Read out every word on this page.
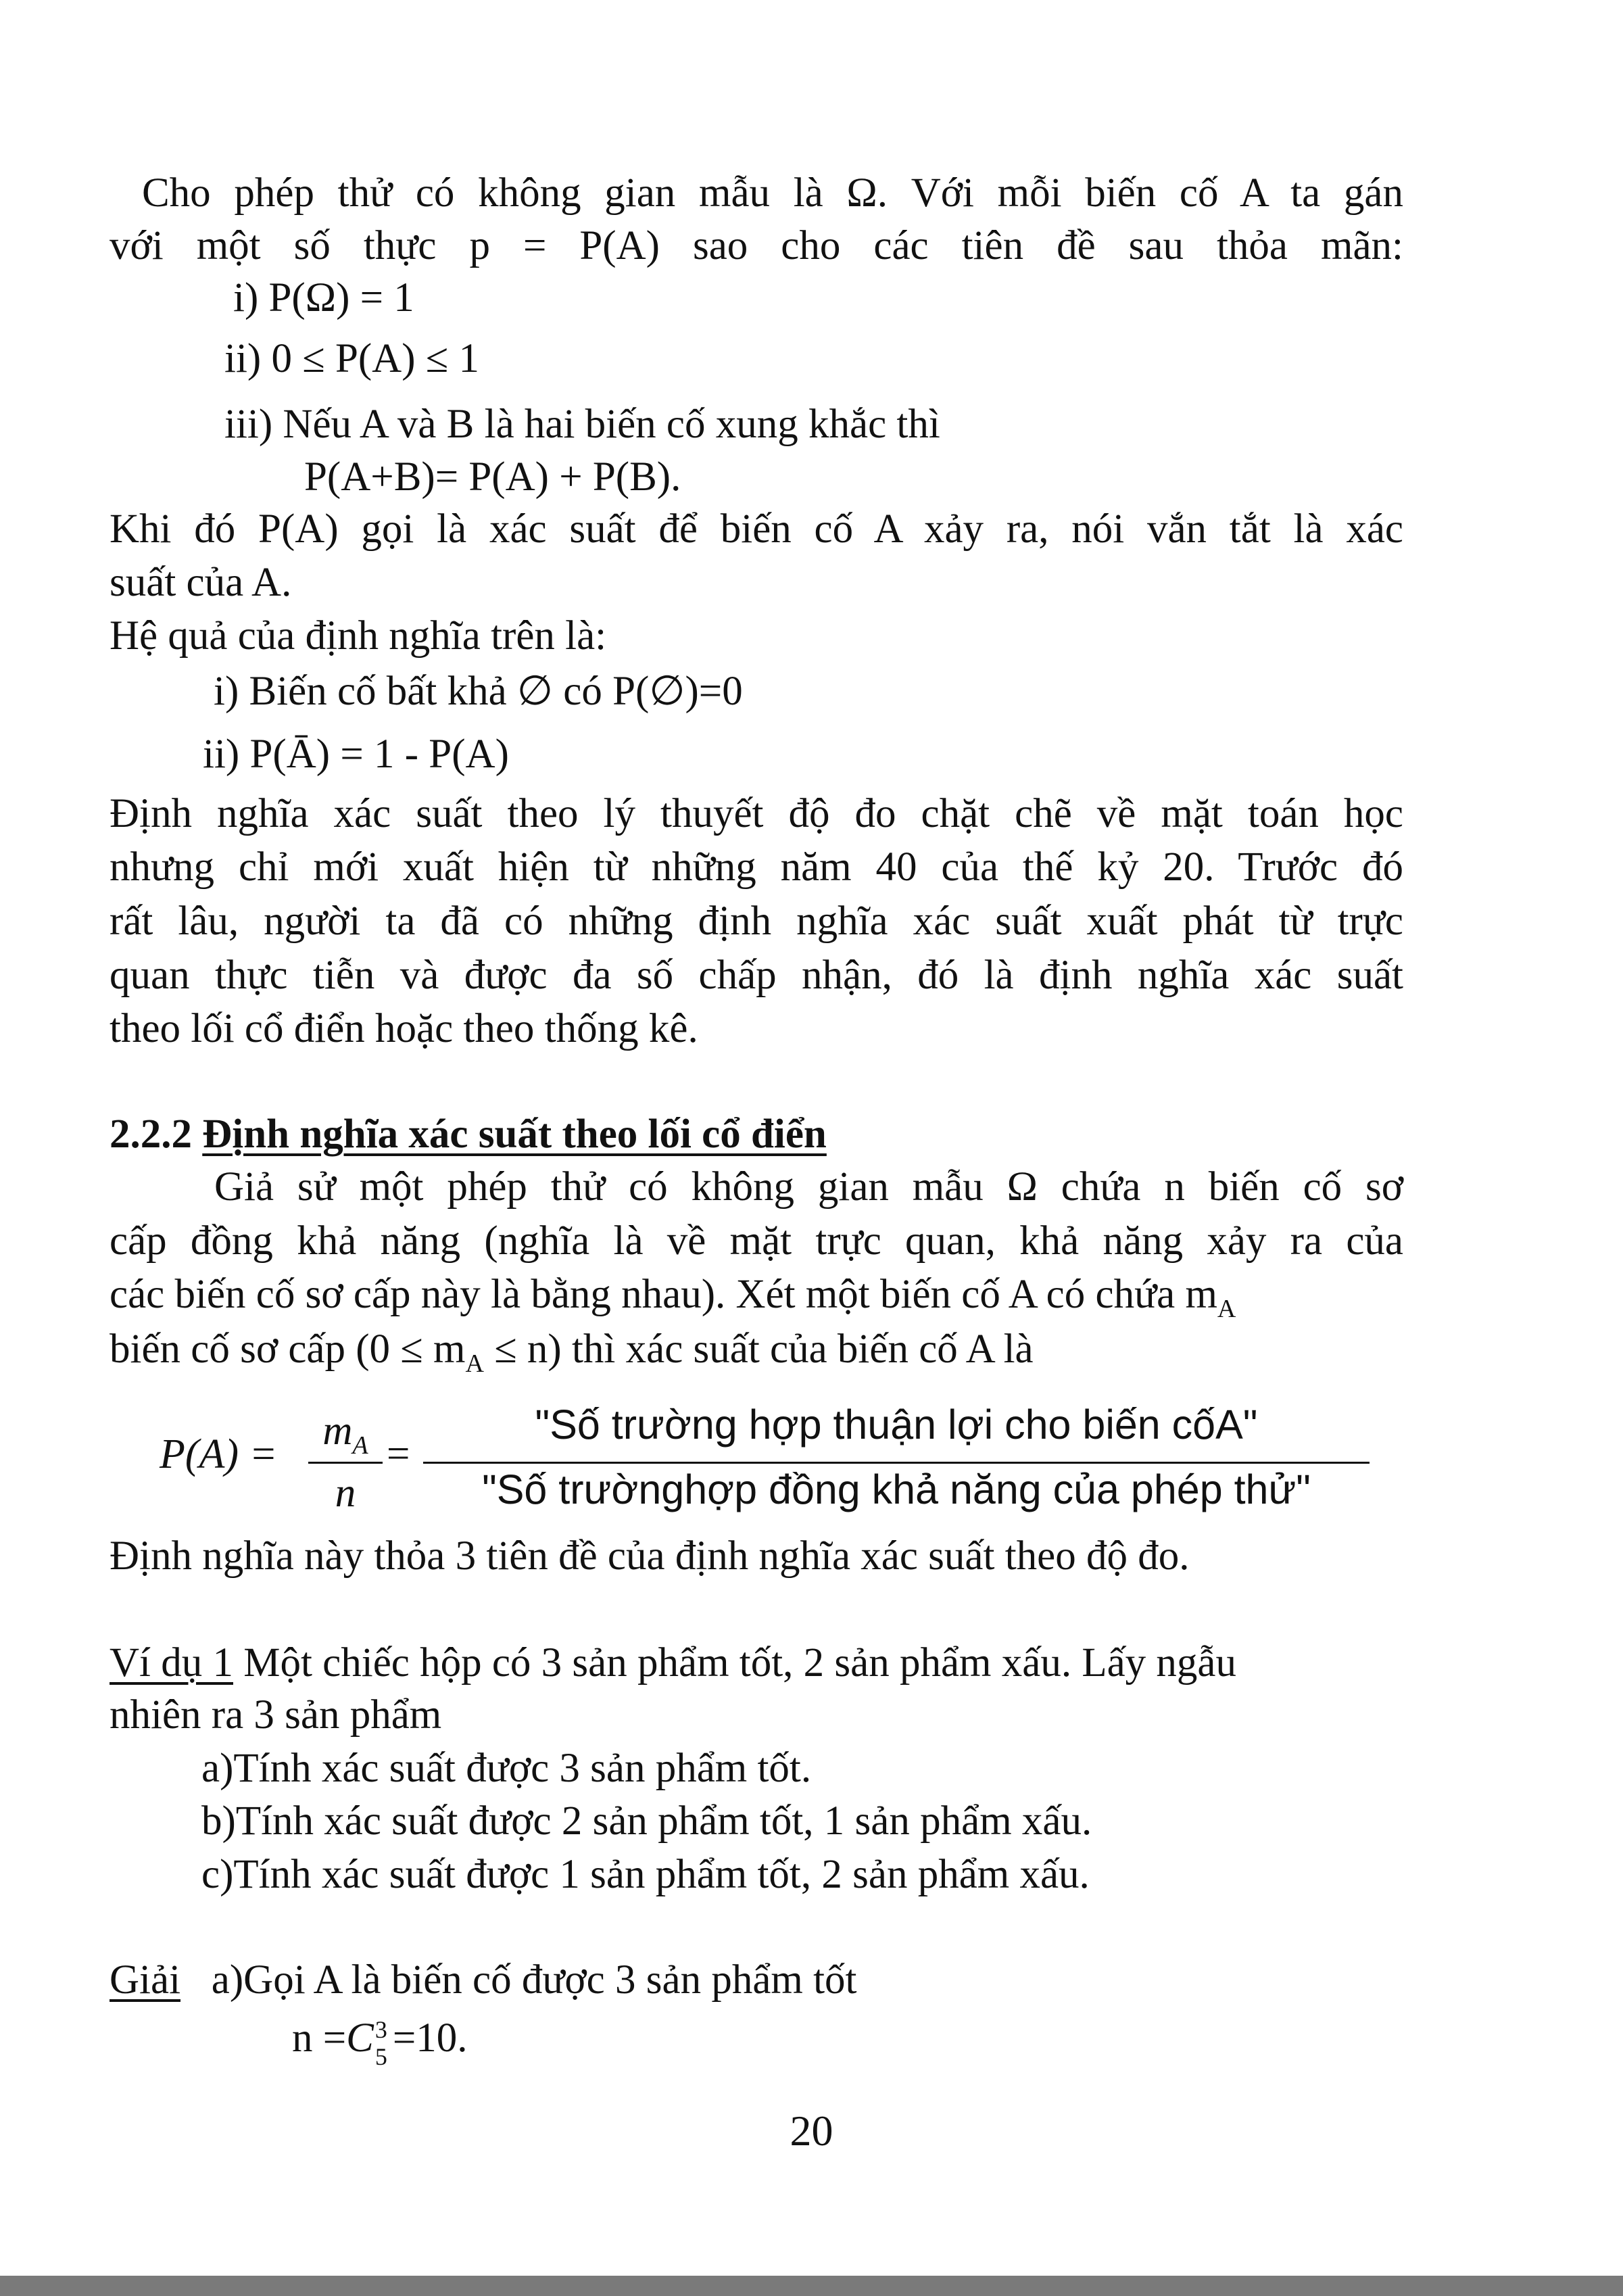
Cho phép thử có không gian mẫu là Ω. Với mỗi biến cố A ta gán
với một số thực p = P(A) sao cho các tiên đề sau thỏa mãn:
i) P(Ω) = 1
ii) 0 ≤ P(A) ≤ 1
iii) Nếu A và B là hai biến cố xung khắc thì
P(A+B)= P(A) + P(B).
Khi đó P(A) gọi là xác suất để biến cố A xảy ra, nói vắn tắt là xác
suất của A.
Hệ quả của định nghĩa trên là:
i) Biến cố bất khả ∅ có P(∅)=0
ii) P(Ā) = 1 - P(A)
Định nghĩa xác suất theo lý thuyết độ đo chặt chẽ về mặt toán học
nhưng chỉ mới xuất hiện từ những năm 40 của thế kỷ 20. Trước đó
rất lâu, người ta đã có những định nghĩa xác suất xuất phát từ trực
quan thực tiễn và được đa số chấp nhận, đó là định nghĩa xác suất
theo lối cổ điển hoặc theo thống kê.
2.2.2 Định nghĩa xác suất theo lối cổ điển
Giả sử một phép thử có không gian mẫu Ω chứa n biến cố sơ
cấp đồng khả năng (nghĩa là về mặt trực quan, khả năng xảy ra của
các biến cố sơ cấp này là bằng nhau). Xét một biến cố A có chứa $m_A$
biến cố sơ cấp $(0 \le m_A \le n)$ thì xác suất của biến cố A là
P(A) =
$m_A$
n
=
"Số trường hợp thuận lợi cho biến cốA"
"Số trườnghợp đồng khả năng của phép thử"
Định nghĩa này thỏa 3 tiên đề của định nghĩa xác suất theo độ đo.
Ví dụ 1 Một chiếc hộp có 3 sản phẩm tốt, 2 sản phẩm xấu. Lấy ngẫu
nhiên ra 3 sản phẩm
a)Tính xác suất được 3 sản phẩm tốt.
b)Tính xác suất được 2 sản phẩm tốt, 1 sản phẩm xấu.
c)Tính xác suất được 1 sản phẩm tốt, 2 sản phẩm xấu.
Giải a)Gọi A là biến cố được 3 sản phẩm tốt
n =C 3
5 =10.
20
